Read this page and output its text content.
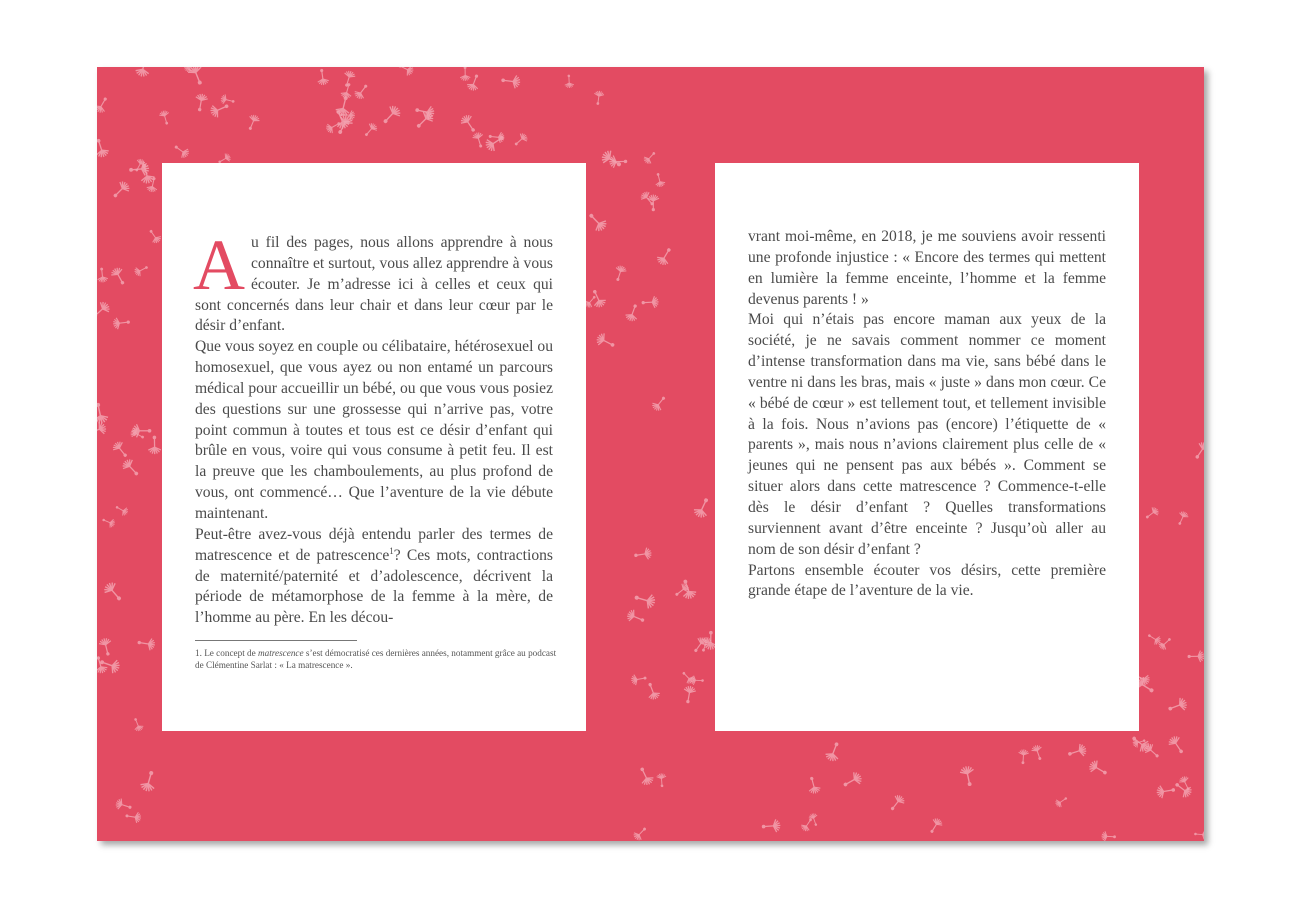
A u fil des pages, nous allons apprendre à nous connaître et surtout, vous allez apprendre à vous écouter. Je m’adresse ici à celles et ceux qui sont concernés dans leur chair et dans leur cœur par le désir d’enfant.

Que vous soyez en couple ou célibataire, hétérosexuel ou homosexuel, que vous ayez ou non entamé un parcours médical pour accueillir un bébé, ou que vous vous posiez des questions sur une grossesse qui n’arrive pas, votre point commun à toutes et tous est ce désir d’enfant qui brûle en vous, voire qui vous consume à petit feu. Il est la preuve que les chamboulements, au plus profond de vous, ont commencé… Que l’aventure de la vie débute maintenant.

Peut-être avez-vous déjà entendu parler des termes de matrescence et de patrescence$^1$? Ces mots, contractions de maternité/paternité et d’adolescence, décrivent la période de métamorphose de la femme à la mère, de l’homme au père. En les décou-

1. Le concept de matrescence s’est démocratisé ces dernières années, notamment grâce au podcast de Clémentine Sarlat : « La matrescence ».

vrant moi-même, en 2018, je me souviens avoir ressenti une profonde injustice : « Encore des termes qui mettent en lumière la femme enceinte, l’homme et la femme devenus parents ! »

Moi qui n’étais pas encore maman aux yeux de la société, je ne savais comment nommer ce moment d’intense transformation dans ma vie, sans bébé dans le ventre ni dans les bras, mais « juste » dans mon cœur. Ce « bébé de cœur » est tellement tout, et tellement invisible à la fois. Nous n’avions pas (encore) l’étiquette de « parents », mais nous n’avions clairement plus celle de « jeunes qui ne pensent pas aux bébés ». Comment se situer alors dans cette matrescence ? Commence-t-elle dès le désir d’enfant ? Quelles transformations surviennent avant d’être enceinte ? Jusqu’où aller au nom de son désir d’enfant ?

Partons ensemble écouter vos désirs, cette première grande étape de l’aventure de la vie.
